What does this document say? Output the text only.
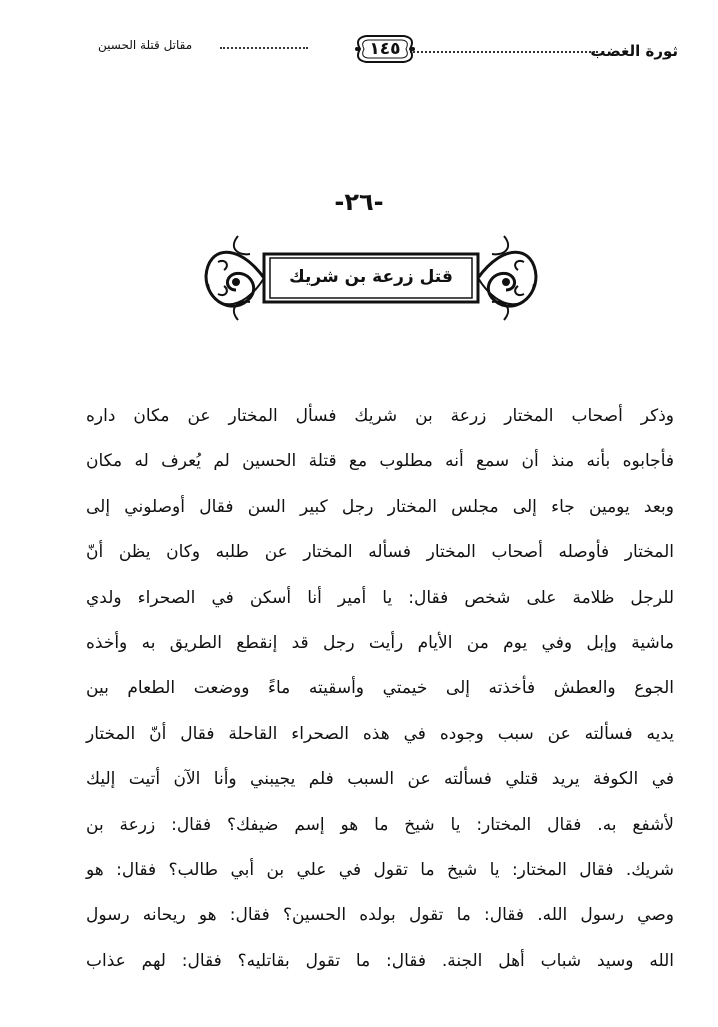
ثورة الغضب
١٤٥
مقاتل قتلة الحسين
-٢٦-
قتل زرعة بن شريك
وذكر أصحاب المختار زرعة بن شريك فسأل المختار عن مكان داره
فأجابوه بأنه منذ أن سمع أنه مطلوب مع قتلة الحسين لم يُعرف له مكان
وبعد يومين جاء إلى مجلس المختار رجل كبير السن فقال أوصلوني إلى
المختار فأوصله أصحاب المختار فسأله المختار عن طلبه وكان يظن أنّ
للرجل ظلامة على شخص فقال: يا أمير أنا أسكن في الصحراء ولدي
ماشية وإبل وفي يوم من الأيام رأيت رجل قد إنقطع الطريق به وأخذه
الجوع والعطش فأخذته إلى خيمتي وأسقيته ماءً ووضعت الطعام بين
يديه فسألته عن سبب وجوده في هذه الصحراء القاحلة فقال أنّ المختار
في الكوفة يريد قتلي فسألته عن السبب فلم يجيبني وأنا الآن أتيت إليك
لأشفع به. فقال المختار: يا شيخ ما هو إسم ضيفك؟ فقال: زرعة بن
شريك. فقال المختار: يا شيخ ما تقول في علي بن أبي طالب؟ فقال: هو
وصي رسول الله. فقال: ما تقول بولده الحسين؟ فقال: هو ريحانه رسول
الله وسيد شباب أهل الجنة. فقال: ما تقول بقاتليه؟ فقال: لهم عذاب
